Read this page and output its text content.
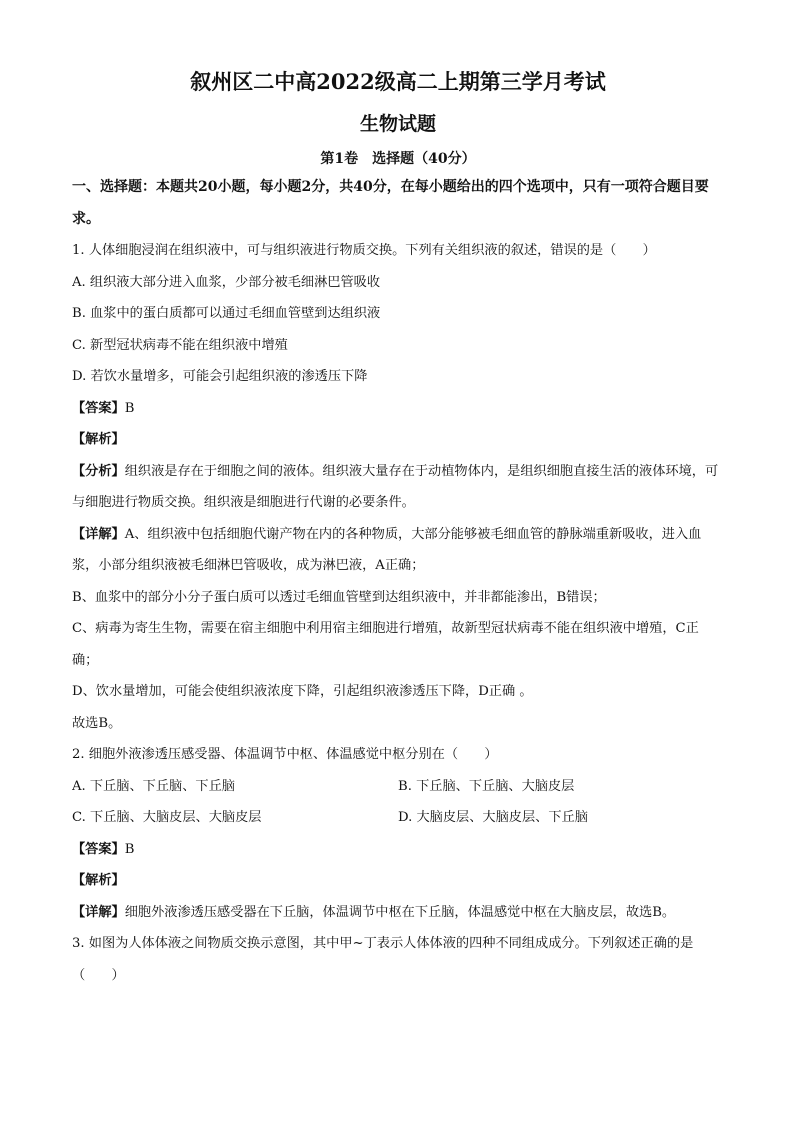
叙州区二中高2022级高二上期第三学月考试
生物试题
第1卷　选择题（40分）
一、选择题：本题共20小题，每小题2分，共40分，在每小题给出的四个选项中，只有一项符合题目要求。
1. 人体细胞浸润在组织液中，可与组织液进行物质交换。下列有关组织液的叙述，错误的是（　　）
A. 组织液大部分进入血浆，少部分被毛细淋巴管吸收
B. 血浆中的蛋白质都可以通过毛细血管壁到达组织液
C. 新型冠状病毒不能在组织液中增殖
D. 若饮水量增多，可能会引起组织液的渗透压下降
【答案】B
【解析】
【分析】组织液是存在于细胞之间的液体。组织液大量存在于动植物体内，是组织细胞直接生活的液体环境，可与细胞进行物质交换。组织液是细胞进行代谢的必要条件。
【详解】A、组织液中包括细胞代谢产物在内的各种物质，大部分能够被毛细血管的静脉端重新吸收，进入血浆，小部分组织液被毛细淋巴管吸收，成为淋巴液，A正确；
B、血浆中的部分小分子蛋白质可以透过毛细血管壁到达组织液中，并非都能渗出，B错误；
C、病毒为寄生生物，需要在宿主细胞中利用宿主细胞进行增殖，故新型冠状病毒不能在组织液中增殖，C正确；
D、饮水量增加，可能会使组织液浓度下降，引起组织液渗透压下降，D正确 。
故选B。
2. 细胞外液渗透压感受器、体温调节中枢、体温感觉中枢分别在（　　）
A. 下丘脑、下丘脑、下丘脑	B. 下丘脑、下丘脑、大脑皮层
C. 下丘脑、大脑皮层、大脑皮层	D. 大脑皮层、大脑皮层、下丘脑
【答案】B
【解析】
【详解】细胞外液渗透压感受器在下丘脑，体温调节中枢在下丘脑，体温感觉中枢在大脑皮层，故选B。
3. 如图为人体体液之间物质交换示意图，其中甲~丁表示人体体液的四种不同组成成分。下列叙述正确的是（　　）
